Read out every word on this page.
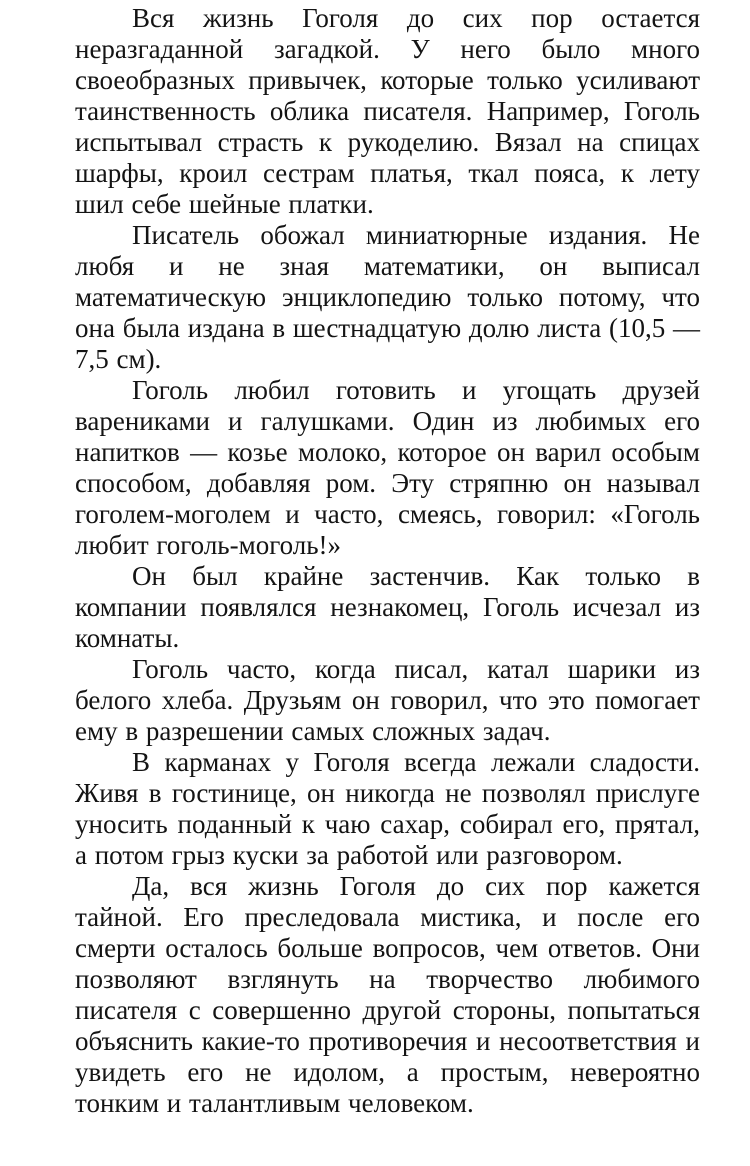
Вся жизнь Гоголя до сих пор остается неразгаданной загадкой. У него было много своеобразных привычек, которые только усиливают таинственность облика писателя. Например, Гоголь испытывал страсть к рукоделию. Вязал на спицах шарфы, кроил сестрам платья, ткал пояса, к лету шил себе шейные платки.

Писатель обожал миниатюрные издания. Не любя и не зная математики, он выписал математическую энциклопедию только потому, что она была издана в шестнадцатую долю листа (10,5 —7,5 см).

Гоголь любил готовить и угощать друзей варениками и галушками. Один из любимых его напитков — козье молоко, которое он варил особым способом, добавляя ром. Эту стряпню он называл гоголем-моголем и часто, смеясь, говорил: «Гоголь любит гоголь-моголь!»

Он был крайне застенчив. Как только в компании появлялся незнакомец, Гоголь исчезал из комнаты.

Гоголь часто, когда писал, катал шарики из белого хлеба. Друзьям он говорил, что это помогает ему в разрешении самых сложных задач.

В карманах у Гоголя всегда лежали сладости. Живя в гостинице, он никогда не позволял прислуге уносить поданный к чаю сахар, собирал его, прятал, а потом грыз куски за работой или разговором.

Да, вся жизнь Гоголя до сих пор кажется тайной. Его преследовала мистика, и после его смерти осталось больше вопросов, чем ответов. Они позволяют взглянуть на творчество любимого писателя с совершенно другой стороны, попытаться объяснить какие-то противоречия и несоответствия и увидеть его не идолом, а простым, невероятно тонким и талантливым человеком.
